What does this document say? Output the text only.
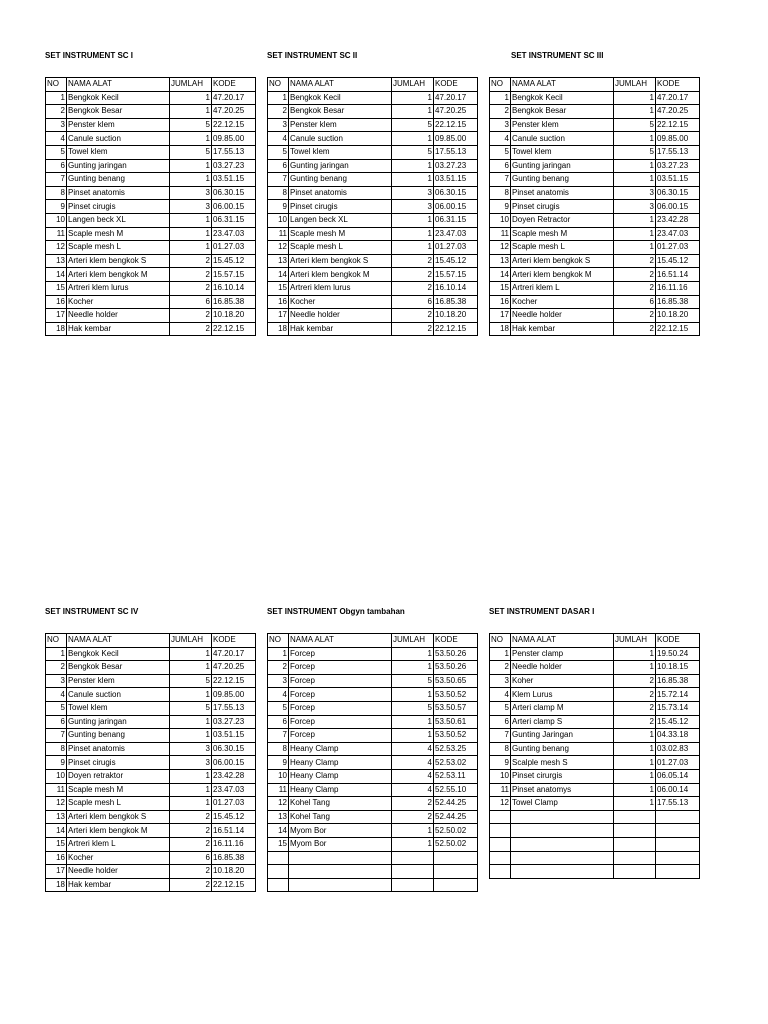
SET INSTRUMENT SC I
NO	NAMA ALAT	JUMLAH	KODE
1	Bengkok Kecil	1	47.20.17
2	Bengkok Besar	1	47.20.25
3	Penster klem	5	22.12.15
4	Canule suction	1	09.85.00
5	Towel klem	5	17.55.13
6	Gunting jaringan	1	03.27.23
7	Gunting benang	1	03.51.15
8	Pinset anatomis	3	06.30.15
9	Pinset cirugis	3	06.00.15
10	Langen beck XL	1	06.31.15
11	Scaple mesh M	1	23.47.03
12	Scaple mesh L	1	01.27.03
13	Arteri klem bengkok S	2	15.45.12
14	Arteri klem bengkok M	2	15.57.15
15	Artreri klem lurus	2	16.10.14
16	Kocher	6	16.85.38
17	Needle holder	2	10.18.20
18	Hak kembar	2	22.12.15
SET INSTRUMENT SC II
NO	NAMA ALAT	JUMLAH	KODE
1	Bengkok Kecil	1	47.20.17
2	Bengkok Besar	1	47.20.25
3	Penster klem	5	22.12.15
4	Canule suction	1	09.85.00
5	Towel klem	5	17.55.13
6	Gunting jaringan	1	03.27.23
7	Gunting benang	1	03.51.15
8	Pinset anatomis	3	06.30.15
9	Pinset cirugis	3	06.00.15
10	Langen beck XL	1	06.31.15
11	Scaple mesh M	1	23.47.03
12	Scaple mesh L	1	01.27.03
13	Arteri klem bengkok S	2	15.45.12
14	Arteri klem bengkok M	2	15.57.15
15	Artreri klem lurus	2	16.10.14
16	Kocher	6	16.85.38
17	Needle holder	2	10.18.20
18	Hak kembar	2	22.12.15
SET INSTRUMENT SC III
NO	NAMA ALAT	JUMLAH	KODE
1	Bengkok Kecil	1	47.20.17
2	Bengkok Besar	1	47.20.25
3	Penster klem	5	22.12.15
4	Canule suction	1	09.85.00
5	Towel klem	5	17.55.13
6	Gunting jaringan	1	03.27.23
7	Gunting benang	1	03.51.15
8	Pinset anatomis	3	06.30.15
9	Pinset cirugis	3	06.00.15
10	Doyen Retractor	1	23.42.28
11	Scaple mesh M	1	23.47.03
12	Scaple mesh L	1	01.27.03
13	Arteri klem bengkok S	2	15.45.12
14	Arteri klem bengkok M	2	16.51.14
15	Artreri klem L	2	16.11.16
16	Kocher	6	16.85.38
17	Needle holder	2	10.18.20
18	Hak kembar	2	22.12.15
SET INSTRUMENT SC IV
NO	NAMA ALAT	JUMLAH	KODE
1	Bengkok Kecil	1	47.20.17
2	Bengkok Besar	1	47.20.25
3	Penster klem	5	22.12.15
4	Canule suction	1	09.85.00
5	Towel klem	5	17.55.13
6	Gunting jaringan	1	03.27.23
7	Gunting benang	1	03.51.15
8	Pinset anatomis	3	06.30.15
9	Pinset cirugis	3	06.00.15
10	Doyen retraktor	1	23.42.28
11	Scaple mesh M	1	23.47.03
12	Scaple mesh L	1	01.27.03
13	Arteri klem bengkok S	2	15.45.12
14	Arteri klem bengkok M	2	16.51.14
15	Artreri klem L	2	16.11.16
16	Kocher	6	16.85.38
17	Needle holder	2	10.18.20
18	Hak kembar	2	22.12.15
SET INSTRUMENT Obgyn tambahan
NO	NAMA ALAT	JUMLAH	KODE
1	Forcep	1	53.50.26
2	Forcep	1	53.50.26
3	Forcep	5	53.50.65
4	Forcep	1	53.50.52
5	Forcep	5	53.50.57
6	Forcep	1	53.50.61
7	Forcep	1	53.50.52
8	Heany Clamp	4	52.53.25
9	Heany Clamp	4	52.53.02
10	Heany Clamp	4	52.53.11
11	Heany Clamp	4	52.55.10
12	Kohel Tang	2	52.44.25
13	Kohel Tang	2	52.44.25
14	Myom Bor	1	52.50.02
15	Myom Bor	1	52.50.02

SET INSTRUMENT DASAR I
NO	NAMA ALAT	JUMLAH	KODE
1	Penster clamp	1	19.50.24
2	Needle holder	1	10.18.15
3	Koher	2	16.85.38
4	Klem Lurus	2	15.72.14
5	Arteri clamp M	2	15.73.14
6	Arteri clamp S	2	15.45.12
7	Gunting Jaringan	1	04.33.18
8	Gunting benang	1	03.02.83
9	Scalple mesh S	1	01.27.03
10	Pinset cirurgis	1	06.05.14
11	Pinset anatomys	1	06.00.14
12	Towel Clamp	1	17.55.13
